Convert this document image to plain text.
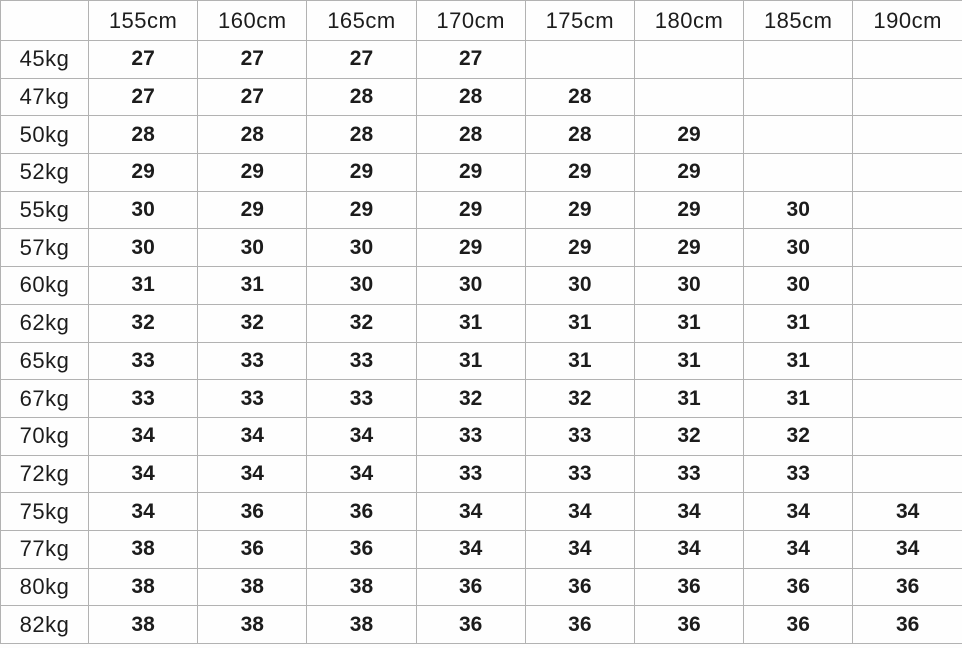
	155cm	160cm	165cm	170cm	175cm	180cm	185cm	190cm
45kg	27	27	27	27				
47kg	27	27	28	28	28			
50kg	28	28	28	28	28	29		
52kg	29	29	29	29	29	29		
55kg	30	29	29	29	29	29	30	
57kg	30	30	30	29	29	29	30	
60kg	31	31	30	30	30	30	30	
62kg	32	32	32	31	31	31	31	
65kg	33	33	33	31	31	31	31	
67kg	33	33	33	32	32	31	31	
70kg	34	34	34	33	33	32	32	
72kg	34	34	34	33	33	33	33	
75kg	34	36	36	34	34	34	34	34
77kg	38	36	36	34	34	34	34	34
80kg	38	38	38	36	36	36	36	36
82kg	38	38	38	36	36	36	36	36
